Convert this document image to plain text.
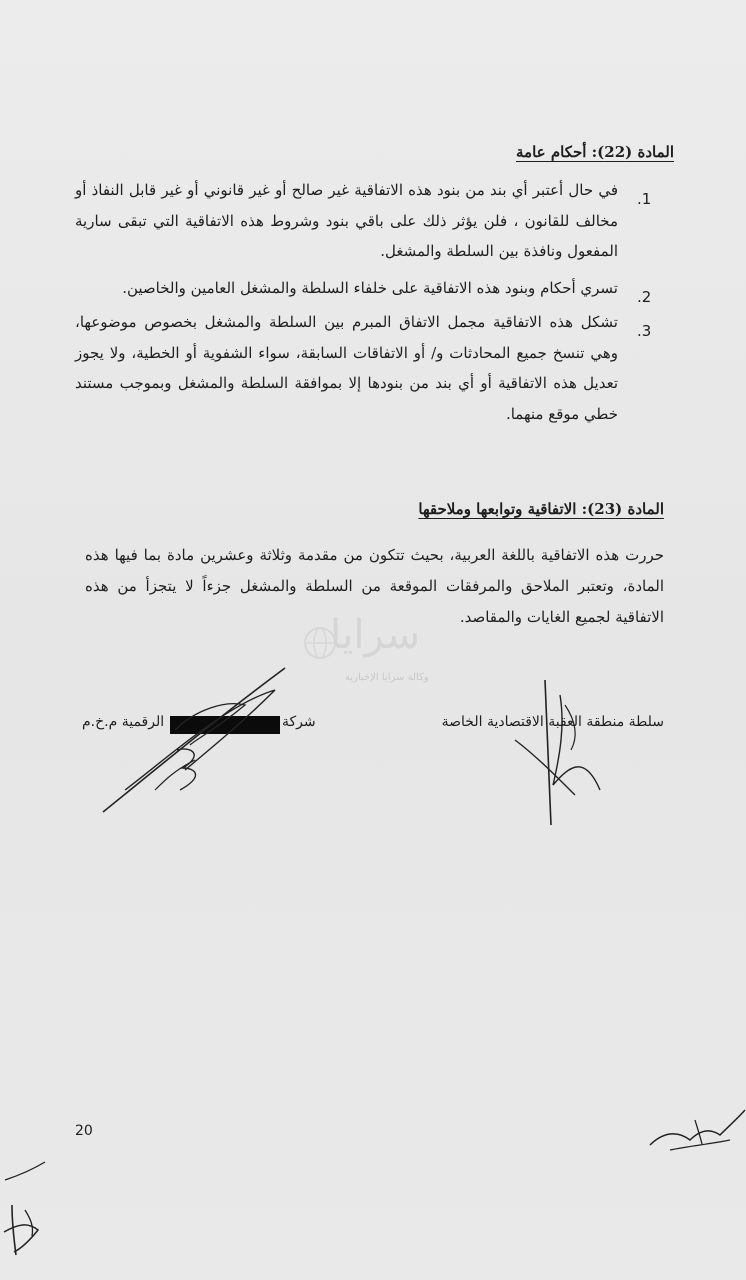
المادة (22): أحكام عامة
.1
في حال أعتبر أي بند من بنود هذه الاتفاقية غير صالح أو غير قانوني أو غير قابل النفاذ أو مخالف للقانون ، فلن يؤثر ذلك على باقي بنود وشروط هذه الاتفاقية التي تبقى سارية المفعول ونافذة بين السلطة والمشغل.
.2
تسري أحكام وبنود هذه الاتفاقية على خلفاء السلطة والمشغل العامين والخاصين.
.3
تشكل هذه الاتفاقية مجمل الاتفاق المبرم بين السلطة والمشغل بخصوص موضوعها، وهي تنسخ جميع المحادثات و/ أو الاتفاقات السابقة، سواء الشفوية أو الخطية، ولا يجوز تعديل هذه الاتفاقية أو أي بند من بنودها إلا بموافقة السلطة والمشغل وبموجب مستند خطي موقع منهما.
المادة (23): الاتفاقية وتوابعها وملاحقها
حررت هذه الاتفاقية باللغة العربية، بحيث تتكون من مقدمة وثلاثة وعشرين مادة بما فيها هذه المادة، وتعتبر الملاحق والمرفقات الموقعة من السلطة والمشغل جزءاً لا يتجزأ من هذه الاتفاقية لجميع الغايات والمقاصد.
سرايا
وكالة سرايا الإخبارية
شركة
الرقمية م.خ.م	سلطة منطقة العقبة الاقتصادية الخاصة
20
